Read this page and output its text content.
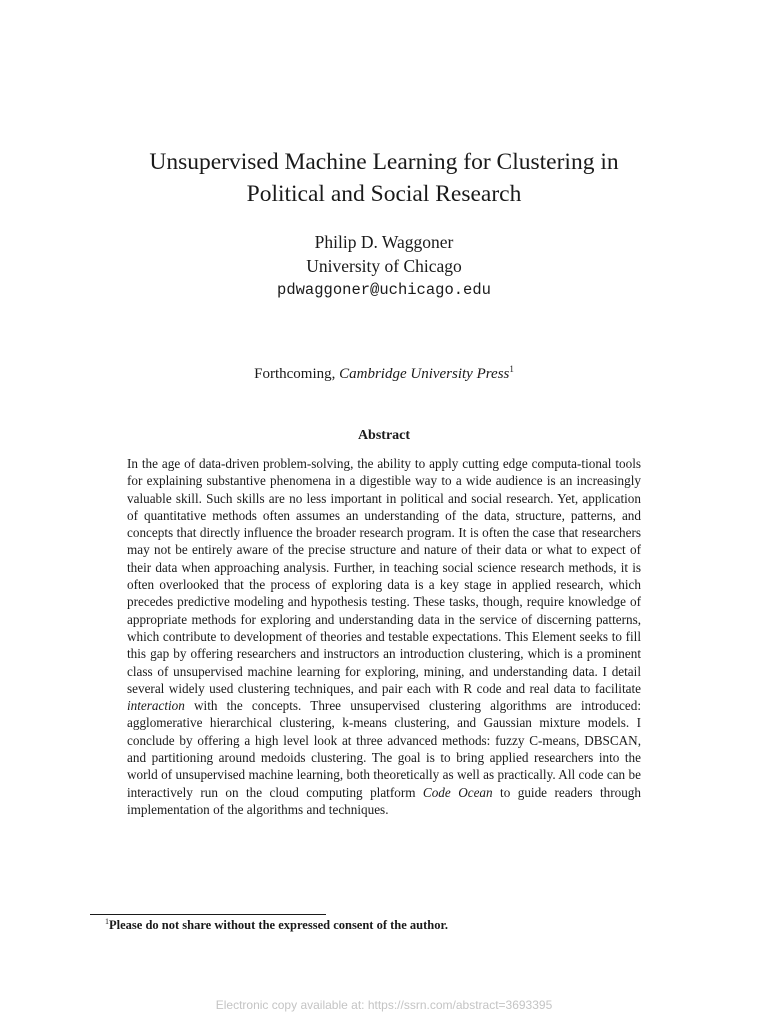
Unsupervised Machine Learning for Clustering in
Political and Social Research
Philip D. Waggoner
University of Chicago
pdwaggoner@uchicago.edu
Forthcoming, Cambridge University Press$^1$
Abstract

In the age of data-driven problem-solving, the ability to apply cutting edge computa-tional tools for explaining substantive phenomena in a digestible way to a wide audience is an increasingly valuable skill. Such skills are no less important in political and social research. Yet, application of quantitative methods often assumes an understanding of the data, structure, patterns, and concepts that directly influence the broader research program. It is often the case that researchers may not be entirely aware of the precise structure and nature of their data or what to expect of their data when approaching analysis. Further, in teaching social science research methods, it is often overlooked that the process of exploring data is a key stage in applied research, which precedes predictive modeling and hypothesis testing. These tasks, though, require knowledge of appropriate methods for exploring and understanding data in the service of discerning patterns, which contribute to development of theories and testable expectations. This Element seeks to fill this gap by offering researchers and instructors an introduction clustering, which is a prominent class of unsupervised machine learning for exploring, mining, and understanding data. I detail several widely used clustering techniques, and pair each with R code and real data to facilitate interaction with the concepts. Three unsupervised clustering algorithms are introduced: agglomerative hierarchical clustering, k-means clustering, and Gaussian mixture models. I conclude by offering a high level look at three advanced methods: fuzzy C-means, DBSCAN, and partitioning around medoids clustering. The goal is to bring applied researchers into the world of unsupervised machine learning, both theoretically as well as practically. All code can be interactively run on the cloud computing platform Code Ocean to guide readers through implementation of the algorithms and techniques.

$^1$Please do not share without the expressed consent of the author.
Electronic copy available at: https://ssrn.com/abstract=3693395
